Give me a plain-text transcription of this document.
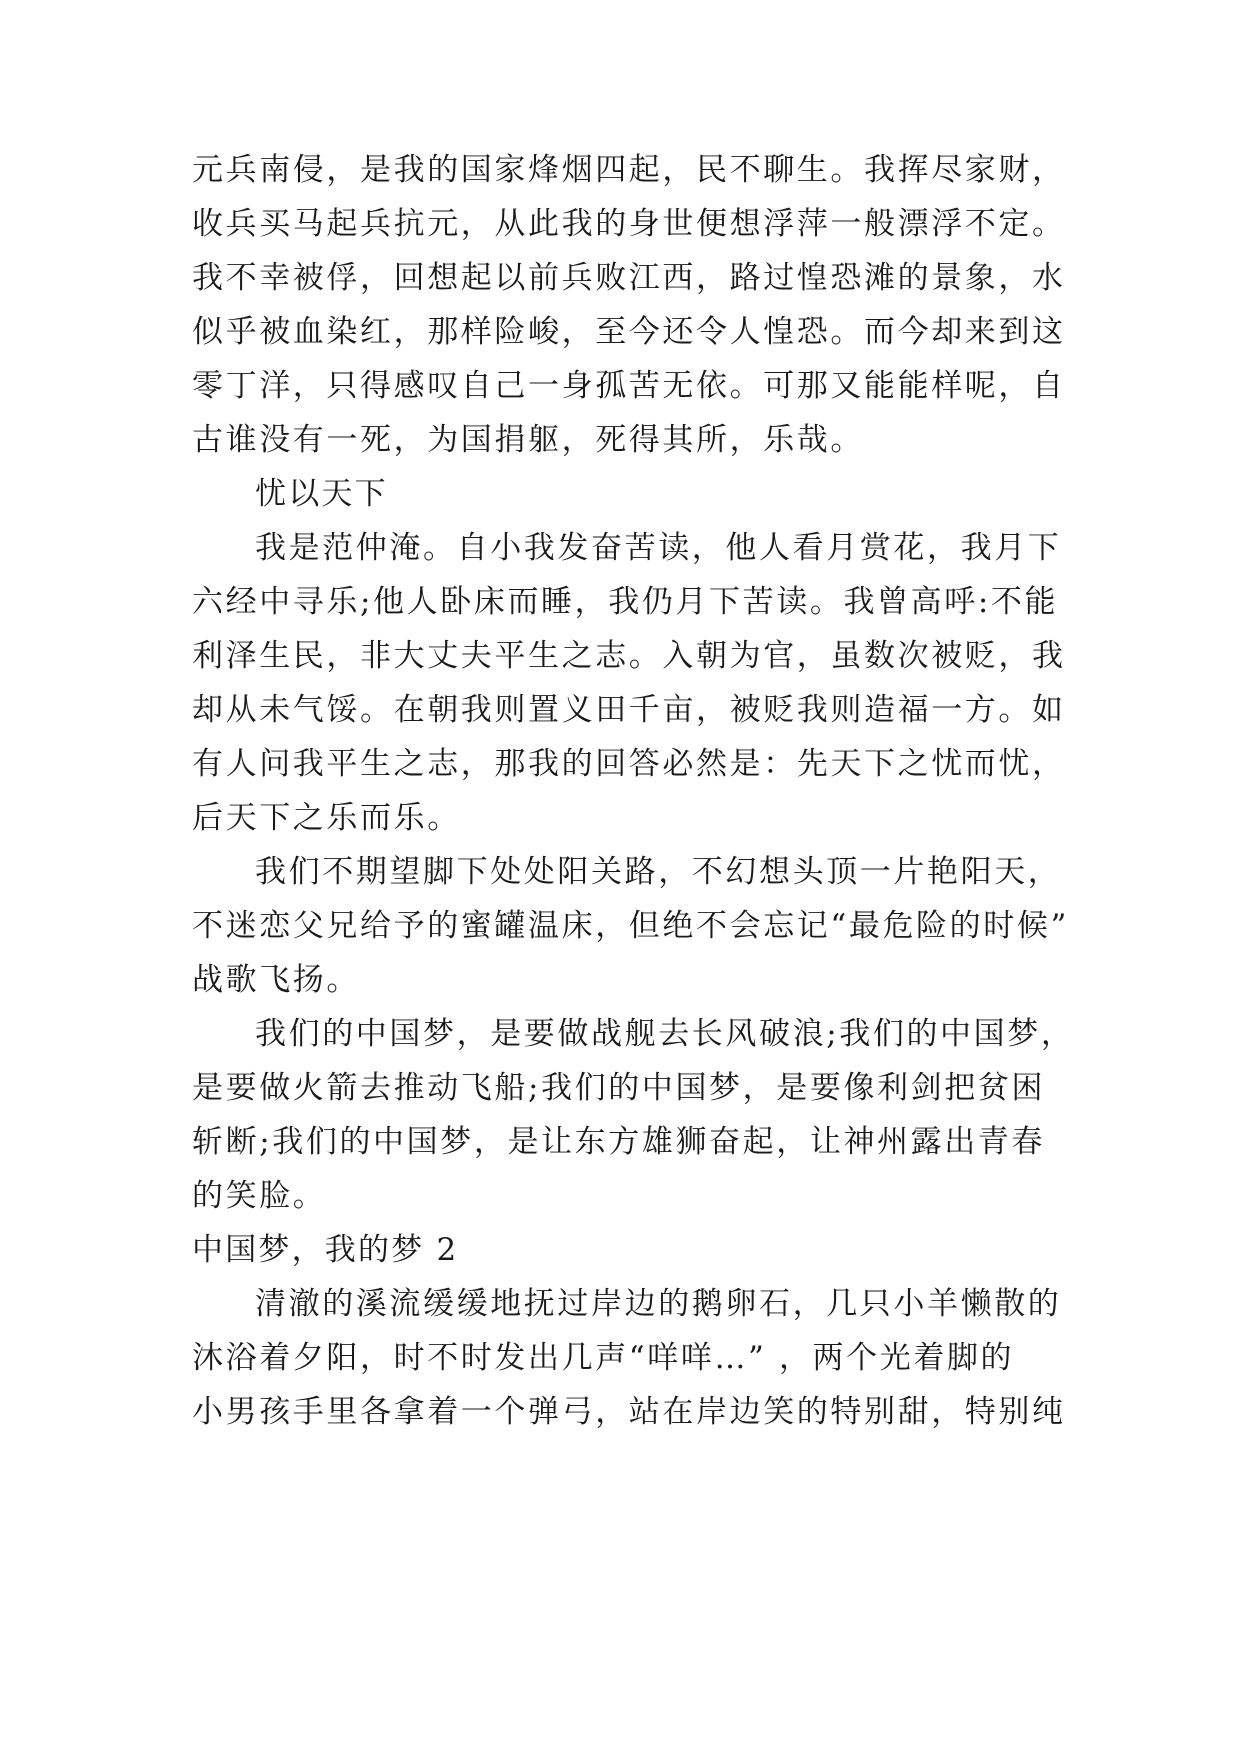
元兵南侵，是我的国家烽烟四起，民不聊生。我挥尽家财，
收兵买马起兵抗元，从此我的身世便想浮萍一般漂浮不定。
我不幸被俘，回想起以前兵败江西，路过惶恐滩的景象，水
似乎被血染红，那样险峻，至今还令人惶恐。而今却来到这
零丁洋，只得感叹自己一身孤苦无依。可那又能能样呢，自
古谁没有一死，为国捐躯，死得其所，乐哉。
忧以天下
我是范仲淹。自小我发奋苦读，他人看月赏花，我月下
六经中寻乐;他人卧床而睡，我仍月下苦读。我曾高呼:不能
利泽生民，非大丈夫平生之志。入朝为官，虽数次被贬，我
却从未气馁。在朝我则置义田千亩，被贬我则造福一方。如
有人问我平生之志，那我的回答必然是：先天下之忧而忧，
后天下之乐而乐。
我们不期望脚下处处阳关路，不幻想头顶一片艳阳天，
不迷恋父兄给予的蜜罐温床，但绝不会忘记“最危险的时候”
战歌飞扬。
我们的中国梦，是要做战舰去长风破浪;我们的中国梦，
是要做火箭去推动飞船;我们的中国梦，是要像利剑把贫困
斩断;我们的中国梦，是让东方雄狮奋起，让神州露出青春
的笑脸。
中国梦，我的梦 2
清澈的溪流缓缓地抚过岸边的鹅卵石，几只小羊懒散的
沐浴着夕阳，时不时发出几声“咩咩…” ，两个光着脚的
小男孩手里各拿着一个弹弓，站在岸边笑的特别甜，特别纯
